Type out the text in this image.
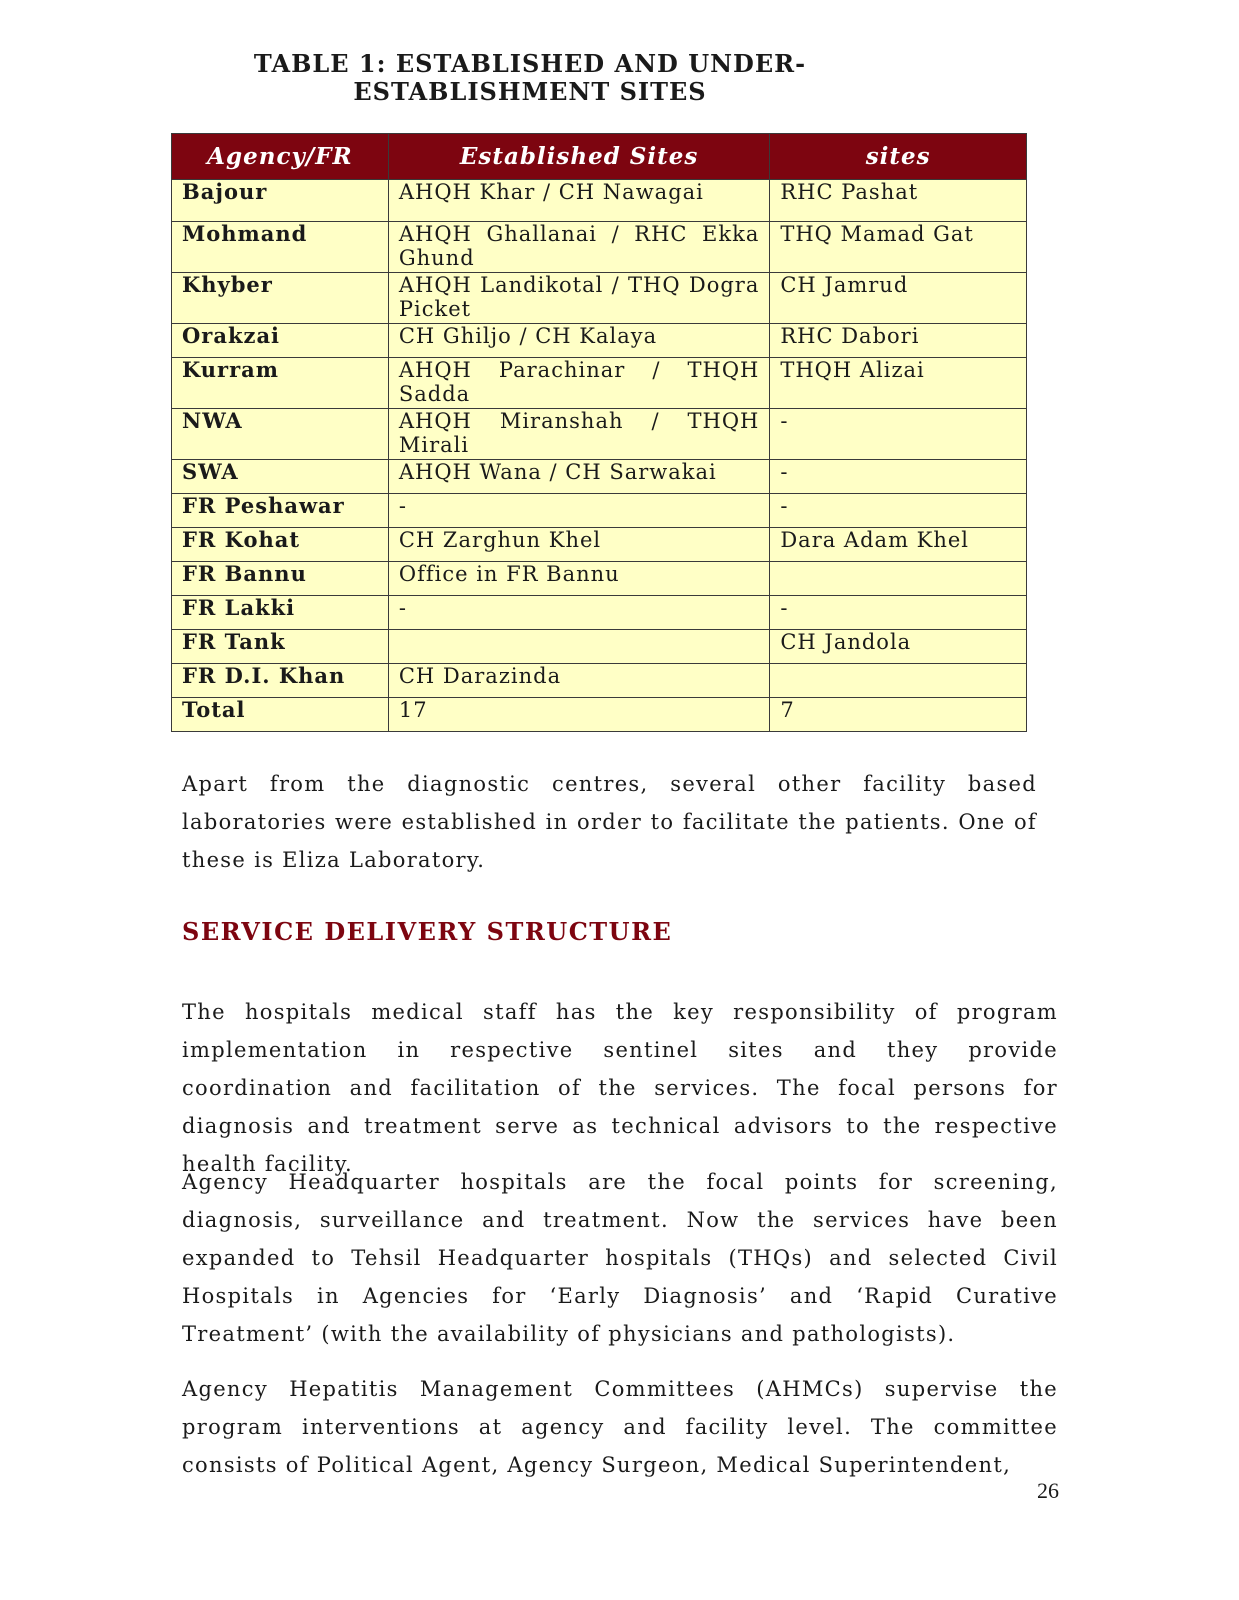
TABLE 1: ESTABLISHED AND UNDER-
ESTABLISHMENT SITES
Agency/FR	Established Sites	sites
Bajour	AHQH Khar / CH Nawagai	RHC Pashat
Mohmand	AHQH Ghallanai / RHC Ekka Ghund	THQ Mamad Gat
Khyber	AHQH Landikotal / THQ Dogra Picket	CH Jamrud
Orakzai	CH Ghiljo / CH Kalaya	RHC Dabori
Kurram	AHQH Parachinar / THQH Sadda	THQH Alizai
NWA	AHQH Miranshah / THQH Mirali	-
SWA	AHQH Wana / CH Sarwakai	-
FR Peshawar	-	-
FR Kohat	CH Zarghun Khel	Dara Adam Khel
FR Bannu	Office in FR Bannu	
FR Lakki	-	-
FR Tank		CH Jandola
FR D.I. Khan	CH Darazinda	
Total	17	7

Apart from the diagnostic centres, several other facility based laboratories were established in order to facilitate the patients. One of these is Eliza Laboratory.

SERVICE DELIVERY STRUCTURE

The hospitals medical staff has the key responsibility of program implementation in respective sentinel sites and they provide coordination and facilitation of the services. The focal persons for diagnosis and treatment serve as technical advisors to the respective health facility.

Agency Headquarter hospitals are the focal points for screening, diagnosis, surveillance and treatment. Now the services have been expanded to Tehsil Headquarter hospitals (THQs) and selected Civil Hospitals in Agencies for ‘Early Diagnosis’ and ‘Rapid Curative Treatment’ (with the availability of physicians and pathologists).

Agency Hepatitis Management Committees (AHMCs) supervise the program interventions at agency and facility level. The committee consists of Political Agent, Agency Surgeon, Medical Superintendent,

26
